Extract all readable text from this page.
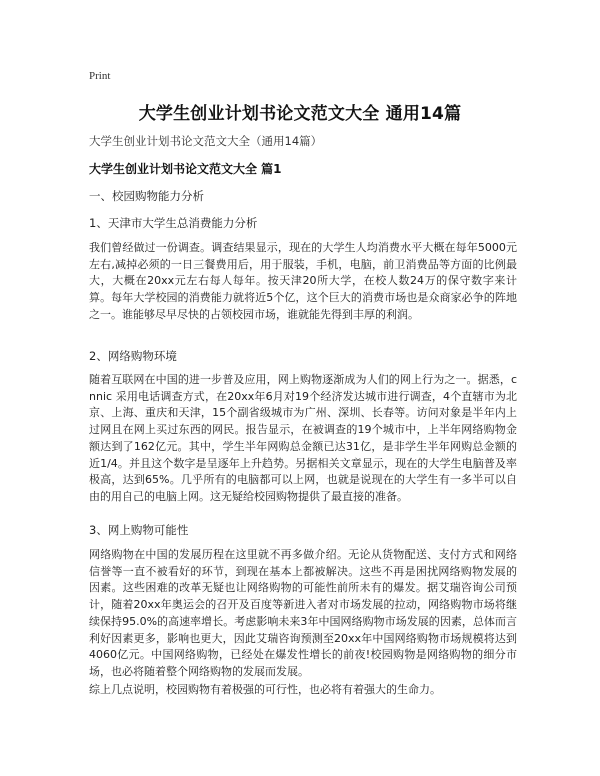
Print
大学生创业计划书论文范文大全 通用14篇
大学生创业计划书论文范文大全（通用14篇）
大学生创业计划书论文范文大全 篇1
一、校园购物能力分析
1、天津市大学生总消费能力分析
我们曾经做过一份调查。调查结果显示，现在的大学生人均消费水平大概在每年5000元左右,减掉必须的一日三餐费用后，用于服装，手机，电脑，前卫消费品等方面的比例最大，大概在20xx元左右每人每年。按天津20所大学，在校人数24万的保守数字来计算。每年大学校园的消费能力就将近5个亿，这个巨大的消费市场也是众商家必争的阵地之一。谁能够尽早尽快的占领校园市场，谁就能先得到丰厚的利润。
2、网络购物环境
随着互联网在中国的进一步普及应用，网上购物逐渐成为人们的网上行为之一。据悉，cnnic 采用电话调查方式，在20xx年6月对19个经济发达城市进行调查，4个直辖市为北京、上海、重庆和天津，15个副省级城市为广州、深圳、长春等。访问对象是半年内上过网且在网上买过东西的网民。报告显示，在被调查的19个城市中，上半年网络购物金额达到了162亿元。其中，学生半年网购总金额已达31亿，是非学生半年网购总金额的近1/4。并且这个数字是呈逐年上升趋势。另据相关文章显示，现在的大学生电脑普及率极高，达到65%。几乎所有的电脑都可以上网，也就是说现在的大学生有一多半可以自由的用自己的电脑上网。这无疑给校园购物提供了最直接的准备。
3、网上购物可能性
网络购物在中国的发展历程在这里就不再多做介绍。无论从货物配送、支付方式和网络信誉等一直不被看好的环节，到现在基本上都被解决。这些不再是困扰网络购物发展的因素。这些困难的改革无疑也让网络购物的可能性前所未有的爆发。据艾瑞咨询公司预计，随着20xx年奥运会的召开及百度等新进入者对市场发展的拉动，网络购物市场将继续保持95.0%的高速率增长。考虑影响未来3年中国网络购物市场发展的因素，总体而言利好因素更多，影响也更大，因此艾瑞咨询预测至20xx年中国网络购物市场规模将达到4060亿元。中国网络购物，已经处在爆发性增长的前夜!校园购物是网络购物的细分市场，也必将随着整个网络购物的发展而发展。
综上几点说明，校园购物有着极强的可行性，也必将有着强大的生命力。
